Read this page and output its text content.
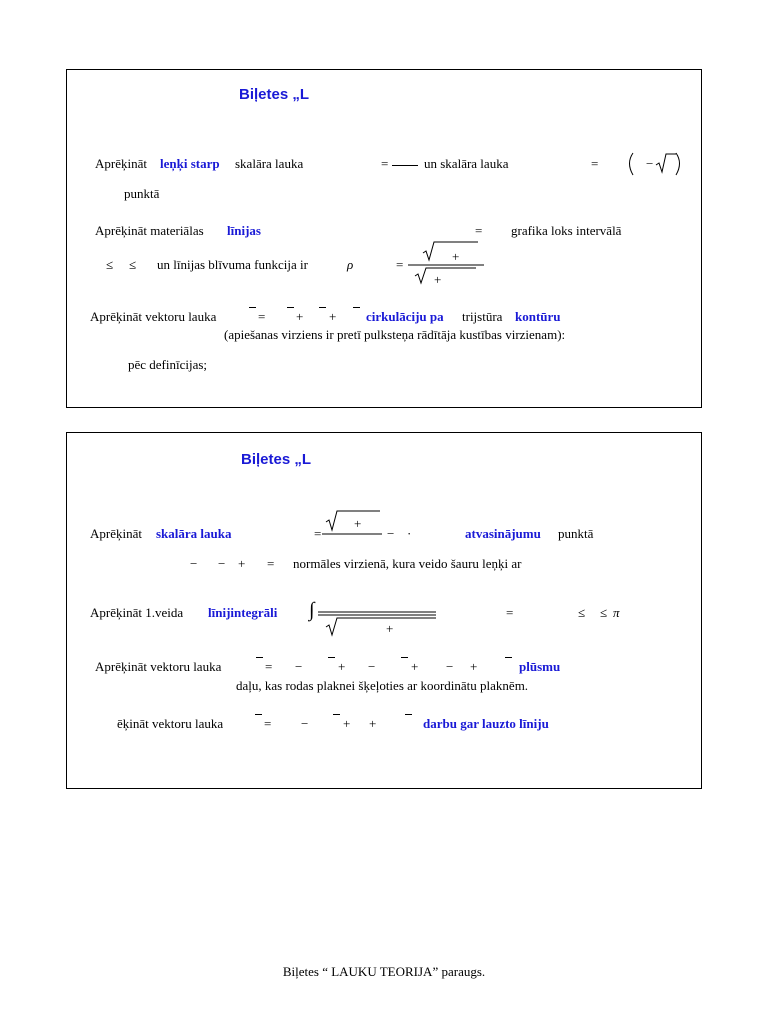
Biļetes „L
Aprēķināt leņķi starp skalāra lauka	=	un skalāra lauka	=	−
punktā
Aprēķināt materiālas līnijas	= grafika loks intervālā
≤ ≤ un līnijas blīvuma funkcija ir	ρ	=
+
+
Aprēķināt vektoru lauka	= + + cirkulāciju pa trijstūra kontūru
(apiešanas virziens ir pretī pulksteņa rādītāja kustības virzienam):
pēc definīcijas;
Biļetes „L
Aprēķināt skalāra lauka	=
+
− ·	atvasinājumu punktā
− − + = normāles virzienā, kura veido šauru leņķi ar
Aprēķināt 1.veida līnijintegrāli ∫
+
=	≤ ≤ π
Aprēķināt vektoru lauka	= −	+ −	+ − +	plūsmu
daļu, kas rodas plaknei šķeļoties ar koordinātu plaknēm.
ēķināt vektoru lauka	= −	+ +	darbu gar lauzto līniju
Biļetes “ LAUKU TEORIJA” paraugs.
